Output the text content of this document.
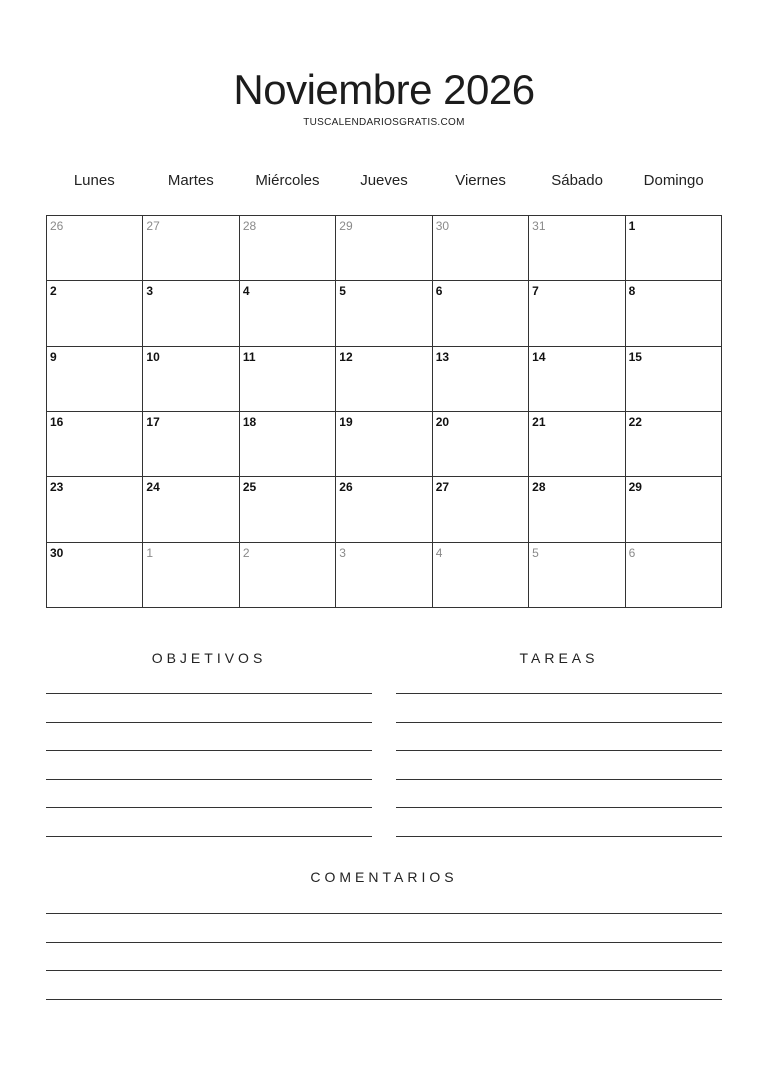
Noviembre 2026
TUSCALENDARIOSGRATIS.COM
Lunes	Martes	Miércoles	Jueves	Viernes	Sábado	Domingo
26	27	28	29	30	31	1
2	3	4	5	6	7	8
9	10	11	12	13	14	15
16	17	18	19	20	21	22
23	24	25	26	27	28	29
30	1	2	3	4	5	6
OBJETIVOS	TAREAS
COMENTARIOS
